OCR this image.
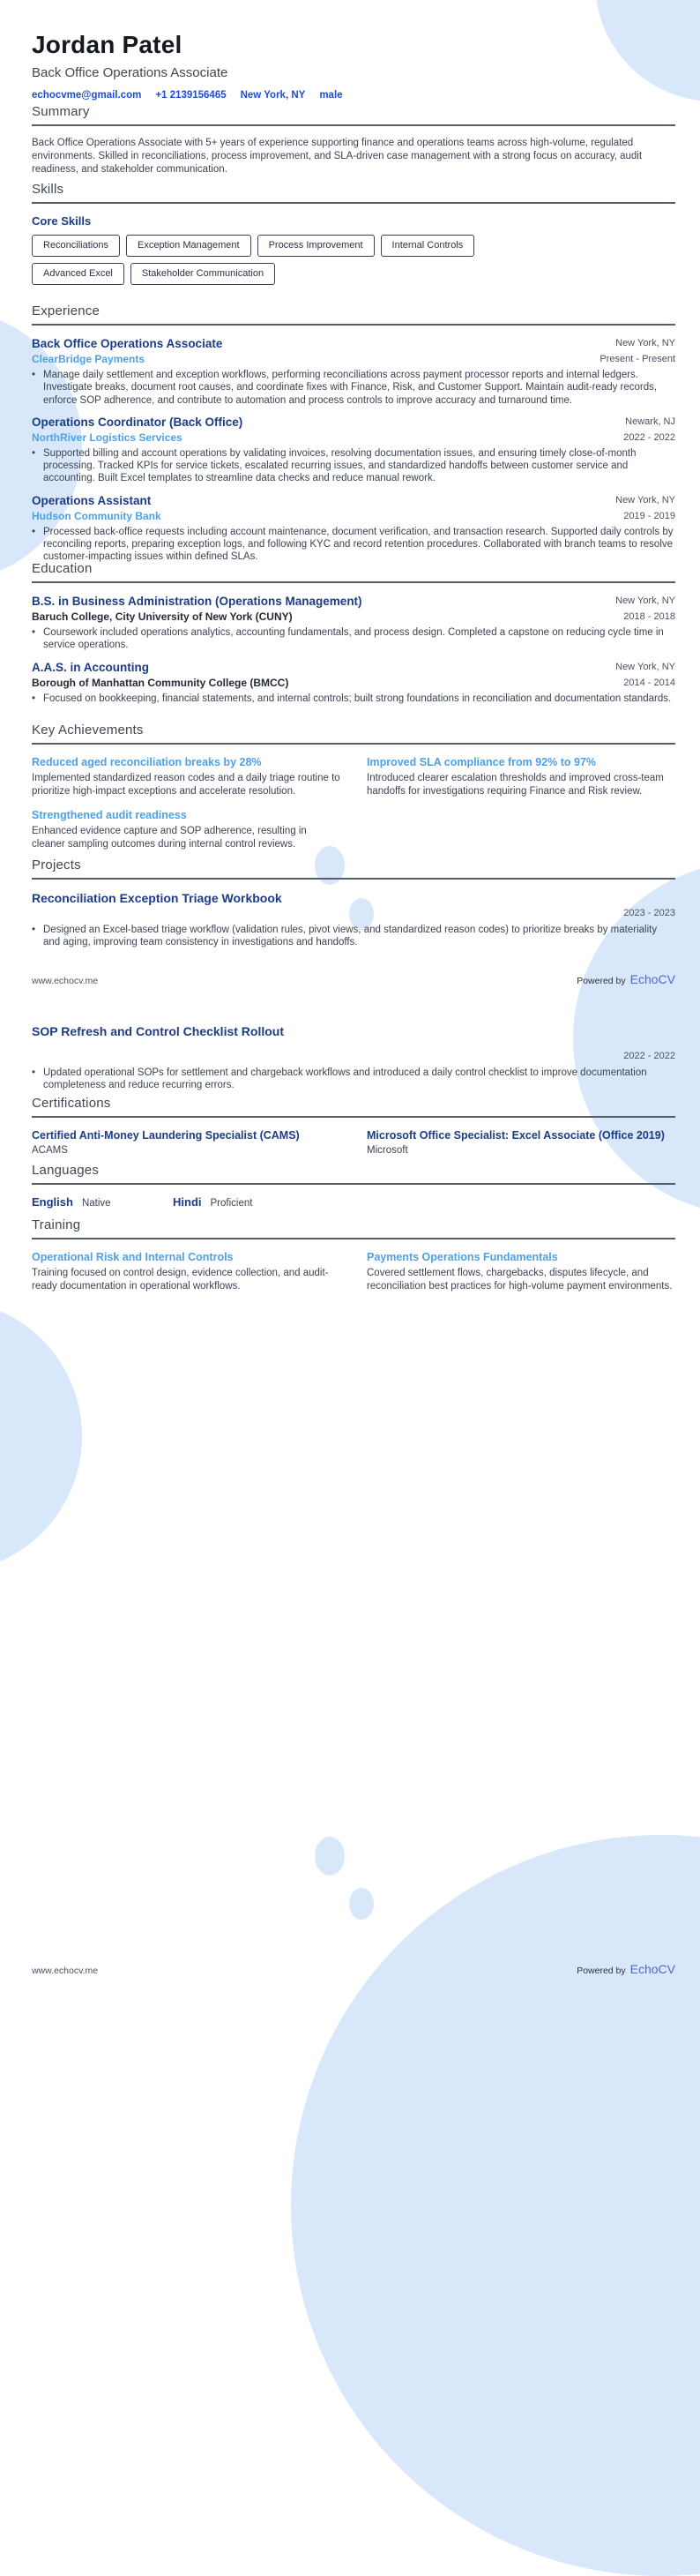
Jordan Patel
Back Office Operations Associate
echocvme@gmail.com +1 2139156465 New York, NY male
Summary
Back Office Operations Associate with 5+ years of experience supporting finance and operations teams across high-volume, regulated environments. Skilled in reconciliations, process improvement, and SLA-driven case management with a strong focus on accuracy, audit readiness, and stakeholder communication.
Skills
Core Skills
Reconciliations	Exception Management	Process Improvement	Internal Controls
Advanced Excel	Stakeholder Communication
Experience
Back Office Operations Associate
ClearBridge Payments
New York, NY
Present - Present
• Manage daily settlement and exception workflows, performing reconciliations across payment processor reports and internal ledgers. Investigate breaks, document root causes, and coordinate fixes with Finance, Risk, and Customer Support. Maintain audit-ready records, enforce SOP adherence, and contribute to automation and process controls to improve accuracy and turnaround time.
Operations Coordinator (Back Office)
NorthRiver Logistics Services
Newark, NJ
2022 - 2022
• Supported billing and account operations by validating invoices, resolving documentation issues, and ensuring timely close-of-month processing. Tracked KPIs for service tickets, escalated recurring issues, and standardized handoffs between customer service and accounting. Built Excel templates to streamline data checks and reduce manual rework.
Operations Assistant
Hudson Community Bank
New York, NY
2019 - 2019
• Processed back-office requests including account maintenance, document verification, and transaction research. Supported daily controls by reconciling reports, preparing exception logs, and following KYC and record retention procedures. Collaborated with branch teams to resolve customer-impacting issues within defined SLAs.
Education
B.S. in Business Administration (Operations Management)
Baruch College, City University of New York (CUNY)
New York, NY
2018 - 2018
• Coursework included operations analytics, accounting fundamentals, and process design. Completed a capstone on reducing cycle time in service operations.
A.A.S. in Accounting
Borough of Manhattan Community College (BMCC)
New York, NY
2014 - 2014
• Focused on bookkeeping, financial statements, and internal controls; built strong foundations in reconciliation and documentation standards.
Key Achievements
Reduced aged reconciliation breaks by 28%
Implemented standardized reason codes and a daily triage routine to prioritize high-impact exceptions and accelerate resolution.
Improved SLA compliance from 92% to 97%
Introduced clearer escalation thresholds and improved cross-team handoffs for investigations requiring Finance and Risk review.
Strengthened audit readiness
Enhanced evidence capture and SOP adherence, resulting in cleaner sampling outcomes during internal control reviews.
Projects
Reconciliation Exception Triage Workbook
2023 - 2023
• Designed an Excel-based triage workflow (validation rules, pivot views, and standardized reason codes) to prioritize breaks by materiality and aging, improving team consistency in investigations and handoffs.
www.echocv.me	Powered by EchoCV
SOP Refresh and Control Checklist Rollout
2022 - 2022
• Updated operational SOPs for settlement and chargeback workflows and introduced a daily control checklist to improve documentation completeness and reduce recurring errors.
Certifications
Certified Anti-Money Laundering Specialist (CAMS)
ACAMS
Microsoft Office Specialist: Excel Associate (Office 2019)
Microsoft
Languages
English Native	Hindi Proficient
Training
Operational Risk and Internal Controls
Training focused on control design, evidence collection, and audit-ready documentation in operational workflows.
Payments Operations Fundamentals
Covered settlement flows, chargebacks, disputes lifecycle, and reconciliation best practices for high-volume payment environments.
www.echocv.me	Powered by EchoCV
